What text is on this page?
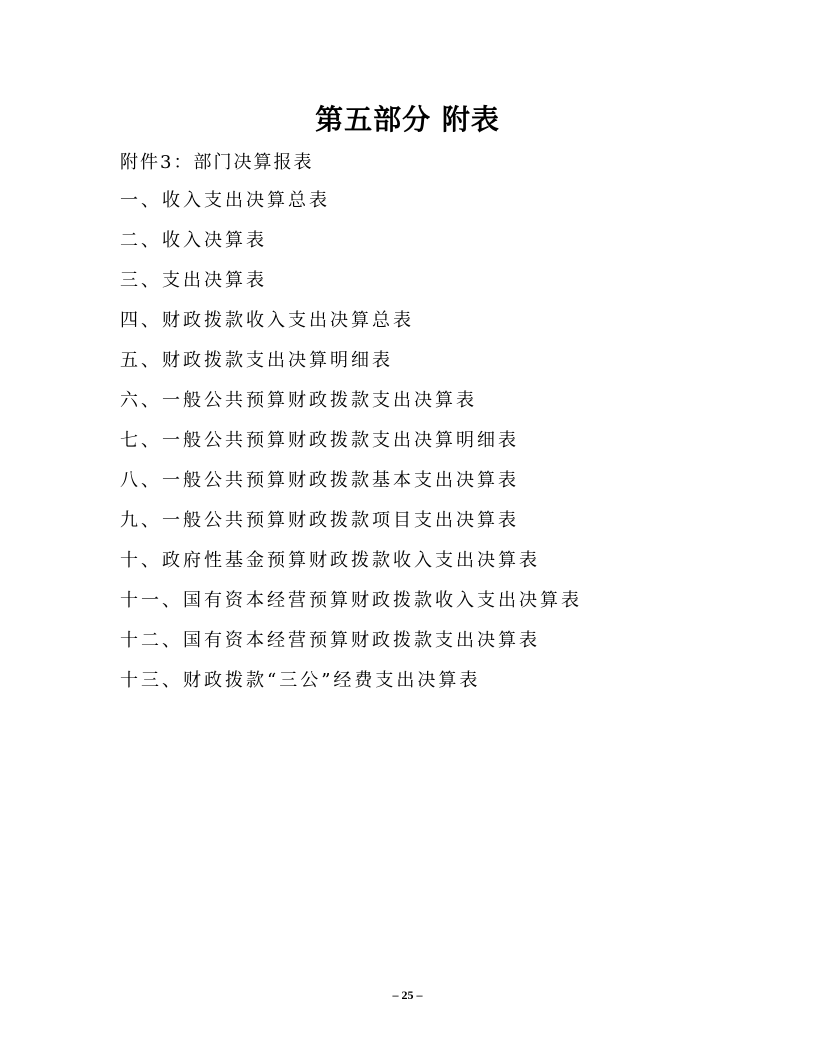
第五部分 附表
附件3：部门决算报表
一、收入支出决算总表
二、收入决算表
三、支出决算表
四、财政拨款收入支出决算总表
五、财政拨款支出决算明细表
六、一般公共预算财政拨款支出决算表
七、一般公共预算财政拨款支出决算明细表
八、一般公共预算财政拨款基本支出决算表
九、一般公共预算财政拨款项目支出决算表
十、政府性基金预算财政拨款收入支出决算表
十一、国有资本经营预算财政拨款收入支出决算表
十二、国有资本经营预算财政拨款支出决算表
十三、财政拨款“三公”经费支出决算表
– 25 –
